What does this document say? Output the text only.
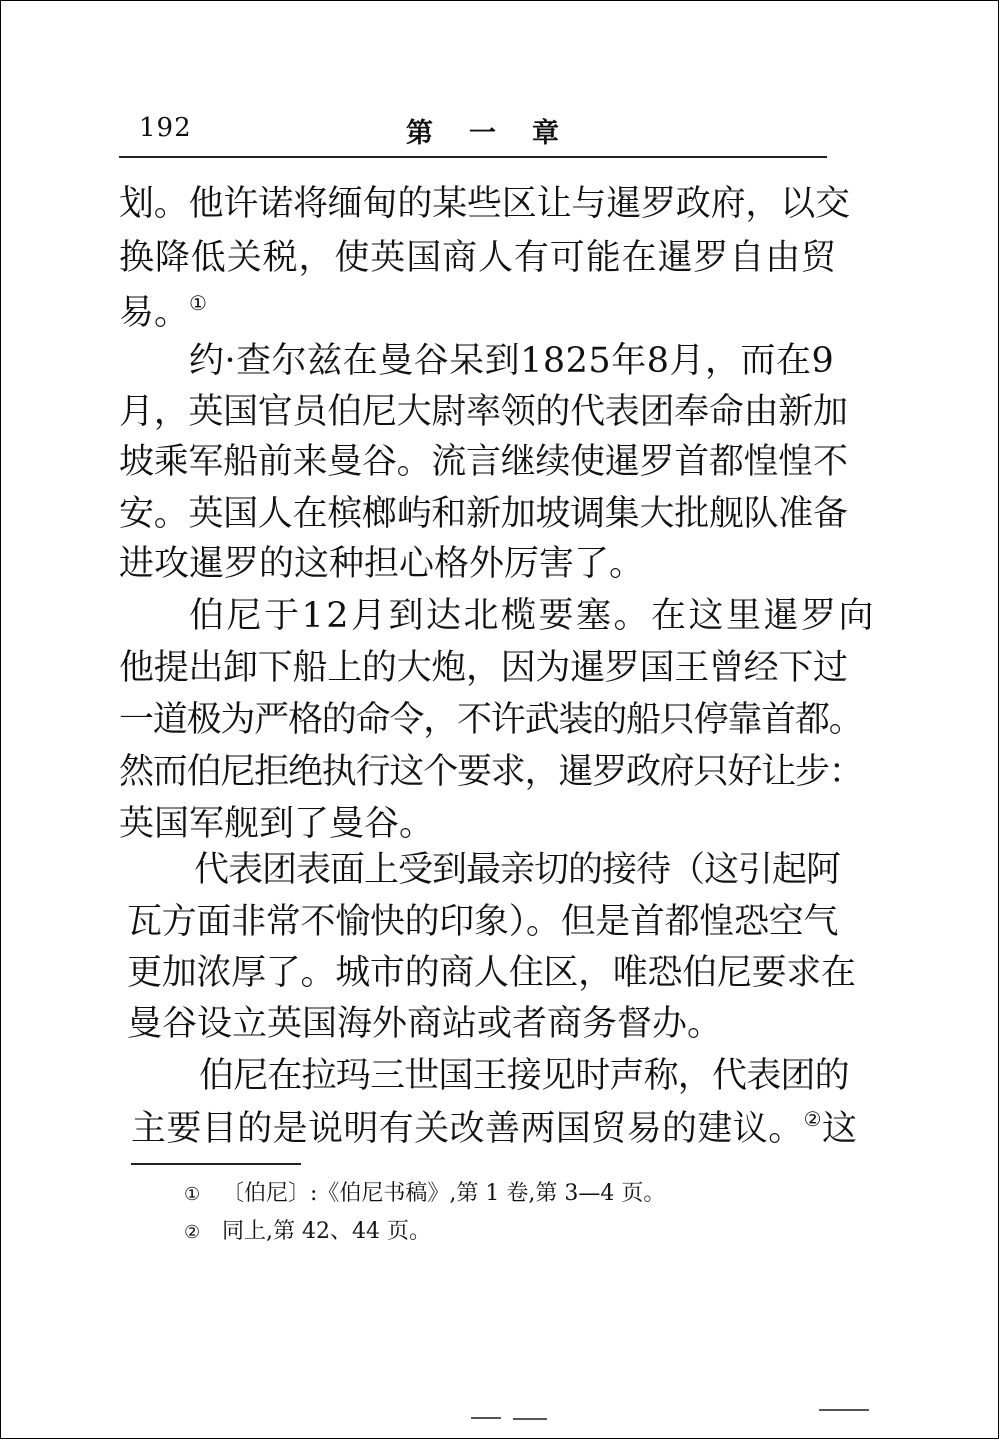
192	第一章
划。他许诺将缅甸的某些区让与暹罗政府，以交
换降低关税，使英国商人有可能在暹罗自由贸
易。①
约·查尔兹在曼谷呆到1825年8月，而在9
月，英国官员伯尼大尉率领的代表团奉命由新加
坡乘军船前来曼谷。流言继续使暹罗首都惶惶不
安。英国人在槟榔屿和新加坡调集大批舰队准备
进攻暹罗的这种担心格外厉害了。
伯尼于12月到达北榄要塞。在这里暹罗向
他提出卸下船上的大炮，因为暹罗国王曾经下过
一道极为严格的命令，不许武装的船只停靠首都。
然而伯尼拒绝执行这个要求，暹罗政府只好让步：
英国军舰到了曼谷。
代表团表面上受到最亲切的接待（这引起阿
瓦方面非常不愉快的印象）。但是首都惶恐空气
更加浓厚了。城市的商人住区，唯恐伯尼要求在
曼谷设立英国海外商站或者商务督办。
伯尼在拉玛三世国王接见时声称，代表团的
主要目的是说明有关改善两国贸易的建议。②这
① 〔伯尼〕:《伯尼书稿》,第 1 卷,第 3—4 页。
② 同上,第 42、44 页。
